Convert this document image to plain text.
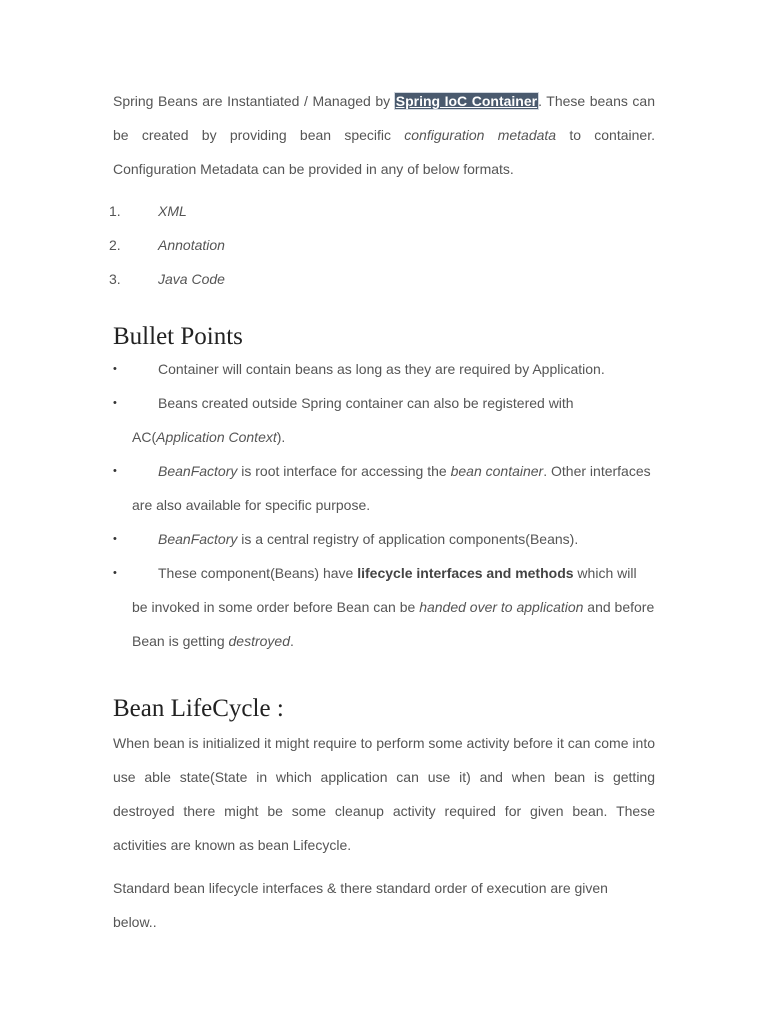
Spring Beans are Instantiated / Managed by Spring IoC Container. These beans can be created by providing bean specific configuration metadata to container. Configuration Metadata can be provided in any of below formats.

1.	XML
2.	Annotation
3.	Java Code
Bullet Points
•	Container will contain beans as long as they are required by Application.
•	Beans created outside Spring container can also be registered with AC(Application Context).
•	BeanFactory is root interface for accessing the bean container. Other interfaces are also available for specific purpose.
•	BeanFactory is a central registry of application components(Beans).
•	These component(Beans) have lifecycle interfaces and methods which will be invoked in some order before Bean can be handed over to application and before Bean is getting destroyed.
Bean LifeCycle :

When bean is initialized it might require to perform some activity before it can come into use able state(State in which application can use it) and when bean is getting destroyed there might be some cleanup activity required for given bean. These activities are known as bean Lifecycle.

Standard bean lifecycle interfaces & there standard order of execution are given below..
